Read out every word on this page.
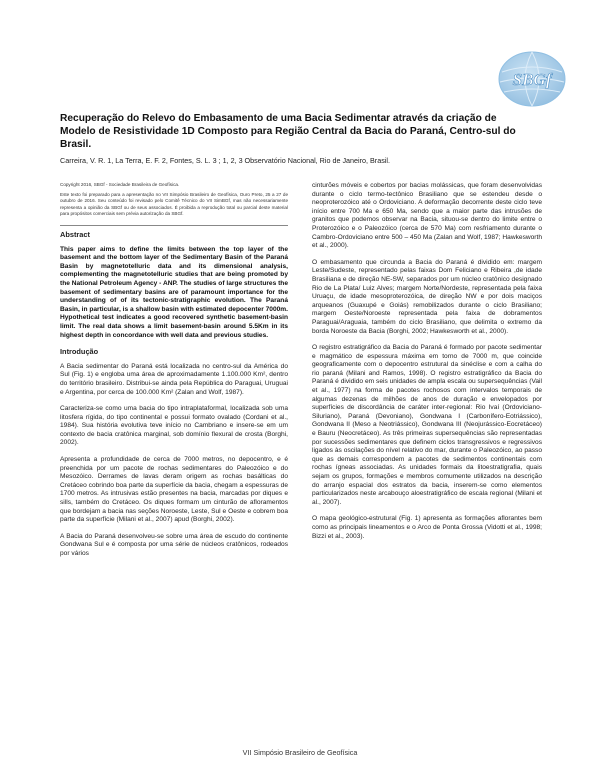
SBGf
Recuperação do Relevo do Embasamento de uma Bacia Sedimentar através da criação de Modelo de Resistividade 1D Composto para Região Central da Bacia do Paraná, Centro-sul do Brasil.
Carreira, V. R. 1, La Terra, E. F. 2, Fontes, S. L. 3 ; 1, 2, 3 Observatório Nacional, Rio de Janeiro, Brasil.

Copyright 2016, SBGf - Sociedade Brasileira de Geofísica.

Este texto foi preparado para a apresentação no VII Simpósio Brasileiro de Geofísica, Ouro Preto, 25 a 27 de outubro de 2016. Seu conteúdo foi revisado pelo Comitê Técnico do VII SimBGf, mas não necessariamente representa a opinião da SBGf ou de seus associados. É proibida a reprodução total ou parcial deste material para propósitos comerciais sem prévia autorização da SBGf.

Abstract

This paper aims to define the limits between the top layer of the basement and the bottom layer of the Sedimentary Basin of the Paraná Basin by magnetotelluric data and its dimensional analysis, complementing the magnetotelluric studies that are being promoted by the National Petroleum Agency - ANP. The studies of large structures the basement of sedimentary basins are of paramount importance for the understanding of of its tectonic-stratigraphic evolution. The Paraná Basin, in particular, is a shallow basin with estimated depocenter 7000m. Hypothetical test indicates a good recovered synthetic basement-basin limit. The real data shows a limit basement-basin around 5.5Km in its highest depth in concordance with well data and previous studies.

Introdução

A Bacia sedimentar do Paraná está localizada no centro-sul da América do Sul (Fig. 1) e engloba uma área de aproximadamente 1.100.000 Km², dentro do território brasileiro. Distribui-se ainda pela República do Paraguai, Uruguai e Argentina, por cerca de 100.000 Km² (Zalan and Wolf, 1987).

Caracteriza-se como uma bacia do tipo intraplataformal, localizada sob uma litosfera rígida, do tipo continental e possui formato ovalado (Cordani et al., 1984). Sua história evolutiva teve início no Cambriano e insere-se em um contexto de bacia cratônica marginal, sob domínio flexural de crosta (Borghi, 2002).

Apresenta a profundidade de cerca de 7000 metros, no depocentro, e é preenchida por um pacote de rochas sedimentares do Paleozóico e do Mesozóico. Derrames de lavas deram origem as rochas basálticas do Cretáceo cobrindo boa parte da superfície da bacia, chegam a espessuras de 1700 metros. As intrusivas estão presentes na bacia, marcadas por diques e sills, também do Cretáceo. Os diques formam um cinturão de afloramentos que bordejam a bacia nas seções Noroeste, Leste, Sul e Oeste e cobrem boa parte da superfície (Milani et al., 2007) apud (Borghi, 2002).

A Bacia do Paraná desenvolveu-se sobre uma área de escudo do continente Gondwana Sul e é composta por uma série de núcleos cratônicos, rodeados por vários

cinturões móveis e cobertos por bacias molássicas, que foram desenvolvidas durante o ciclo termo-tectônico Brasiliano que se estendeu desde o neoproterozóico até o Ordoviciano. A deformação decorrente deste ciclo teve início entre 700 Ma e 650 Ma, sendo que a maior parte das intrusões de granitos que podemos observar na Bacia, situou-se dentro do limite entre o Proterozóico e o Paleozóico (cerca de 570 Ma) com resfriamento durante o Cambro-Ordoviciano entre 500 – 450 Ma (Zalan and Wolf, 1987; Hawkesworth et al., 2000).

O embasamento que circunda a Bacia do Paraná é dividido em: margem Leste/Sudeste, representado pelas faixas Dom Feliciano e Ribeira ,de idade Brasiliana e de direção NE-SW, separados por um núcleo cratônico designado Rio de La Plata/ Luiz Alves; margem Norte/Nordeste, representada pela faixa Uruaçu, de idade mesoproterozóica, de direção NW e por dois maciços arqueanos (Guaxupé e Goiás) remobilizados durante o ciclo Brasiliano; margem Oeste/Noroeste representada pela faixa de dobramentos Paraguai/Araguaia, também do ciclo Brasiliano, que delimita o extremo da borda Noroeste da Bacia (Borghi, 2002; Hawkesworth et al., 2000).

O registro estratigráfico da Bacia do Paraná é formado por pacote sedimentar e magmático de espessura máxima em torno de 7000 m, que coincide geograficamente com o depocentro estrutural da sinéclise e com a calha do rio paraná (Milani and Ramos, 1998). O registro estratigráfico da Bacia do Paraná é dividido em seis unidades de ampla escala ou supersequências (Vail et al., 1977) na forma de pacotes rochosos com intervalos temporais de algumas dezenas de milhões de anos de duração e envelopados por superfícies de discordância de caráter inter-regional: Rio Ivaí (Ordoviciano-Siluriano), Paraná (Devoniano), Gondwana I (Carbonífero-Eotriássico), Gondwana II (Meso a Neotriássico), Gondwana III (Neojurássico-Eocretáceo) e Bauru (Neocretáceo). As três primeiras supersequências são representadas por sucessões sedimentares que definem ciclos transgressivos e regressivos ligados às oscilações do nível relativo do mar, durante o Paleozóico, ao passo que as demais correspondem a pacotes de sedimentos continentais com rochas ígneas associadas. As unidades formais da litoestratigrafia, quais sejam os grupos, formações e membros comumente utilizados na descrição do arranjo espacial dos estratos da bacia, inserem-se como elementos particularizados neste arcabouço aloestratigráfico de escala regional (Milani et al., 2007).

O mapa geológico-estrutural (Fig. 1) apresenta as formações aflorantes bem como as principais lineamentos e o Arco de Ponta Grossa (Vidotti et al., 1998; Bizzi et al., 2003).

VII Simpósio Brasileiro de Geofísica
